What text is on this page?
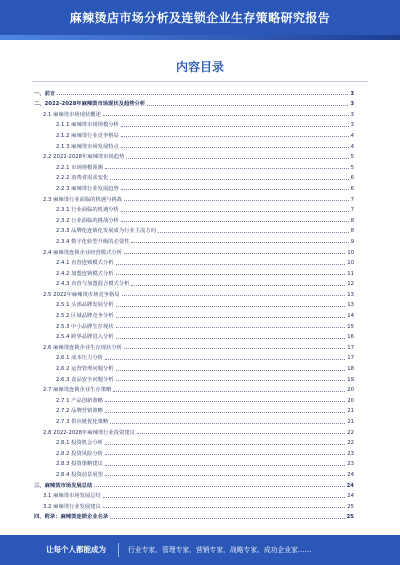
麻辣烫店市场分析及连锁企业生存策略研究报告
内容目录
一、前言	3
二、2022-2028年麻辣烫市场现状及趋势分析	3
2.1 麻辣烫市场现状概述	3
2.1.1 麻辣烫市场规模分析	3
2.1.2 麻辣烫行业竞争格局	4
2.1.3 麻辣烫市场发展特点	4
2.2 2022-2028年麻辣烫市场趋势	5
2.2.1 市场规模预测	5
2.2.2 消费者需求变化	6
2.2.3 麻辣烫行业发展趋势	6
2.3 麻辣烫行业面临的机遇与挑战	7
2.3.1 行业面临的机遇分析	7
2.3.2 行业面临的挑战分析	8
2.3.3 品牌化连锁化发展成为行业主流方向	8
2.3.4 数字化转型升级的必要性	9
2.4 麻辣烫连锁企业经营模式分析	10
2.4.1 直营连锁模式分析	10
2.4.2 加盟连锁模式分析	11
2.4.3 直营与加盟混合模式分析	12
2.5 2022年麻辣烫市场竞争格局	13
2.5.1 头部品牌发展分析	13
2.5.2 区域品牌竞争分析	14
2.5.3 中小品牌生存现状	15
2.5.4 跨界品牌进入分析	16
2.6 麻辣烫连锁企业生存现状分析	17
2.6.1 成本压力分析	17
2.6.2 运营管理问题分析	18
2.6.3 食品安全问题分析	19
2.7 麻辣烫连锁企业生存策略	20
2.7.1 产品创新策略	20
2.7.2 品牌营销策略	21
2.7.3 供应链优化策略	21
2.8 2022-2028年麻辣烫行业投资建议	22
2.8.1 投资机会分析	22
2.8.2 投资风险分析	23
2.8.3 投资策略建议	23
2.8.4 投资前景展望	24
三、麻辣烫市场发展总结	24
3.1 麻辣烫市场发展总结	24
3.2 麻辣烫行业发展建议	25
四、附录：麻辣烫连锁企业名录	25
让每个人都能成为	行业专家、管理专家、营销专家、战略专家、成功企业家……
